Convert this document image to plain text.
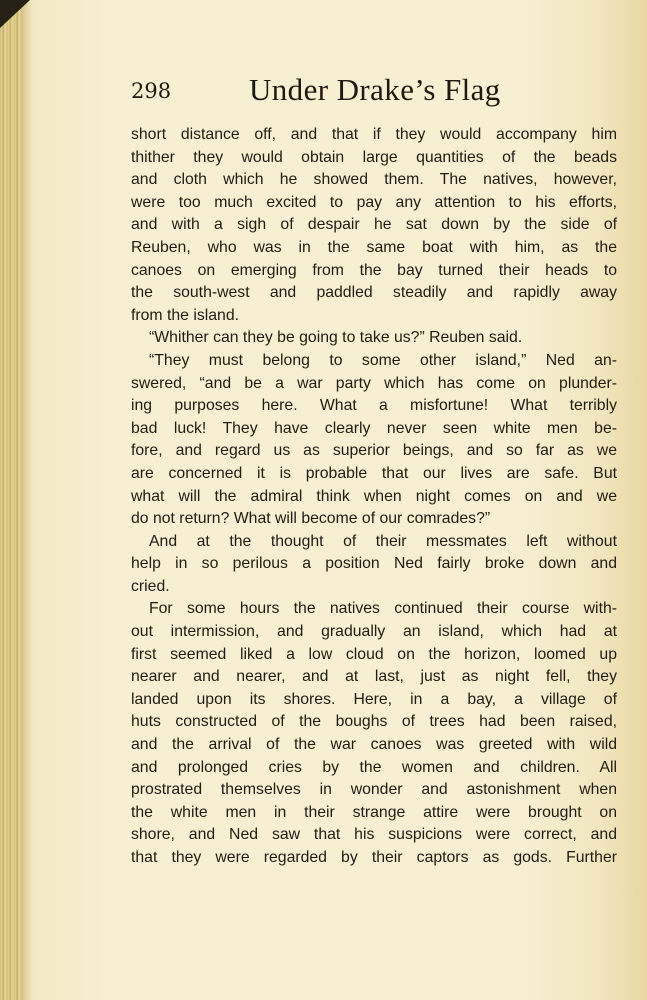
298	Under Drake’s Flag

short distance off, and that if they would accompany him
thither they would obtain large quantities of the beads
and cloth which he showed them. The natives, however,
were too much excited to pay any attention to his efforts,
and with a sigh of despair he sat down by the side of
Reuben, who was in the same boat with him, as the
canoes on emerging from the bay turned their heads to
the south-west and paddled steadily and rapidly away
from the island.

“Whither can they be going to take us?” Reuben said.

“They must belong to some other island,” Ned an-
swered, “and be a war party which has come on plunder-
ing purposes here. What a misfortune! What terribly
bad luck! They have clearly never seen white men be-
fore, and regard us as superior beings, and so far as we
are concerned it is probable that our lives are safe. But
what will the admiral think when night comes on and we
do not return? What will become of our comrades?”

And at the thought of their messmates left without
help in so perilous a position Ned fairly broke down and
cried.

For some hours the natives continued their course with-
out intermission, and gradually an island, which had at
first seemed liked a low cloud on the horizon, loomed up
nearer and nearer, and at last, just as night fell, they
landed upon its shores. Here, in a bay, a village of
huts constructed of the boughs of trees had been raised,
and the arrival of the war canoes was greeted with wild
and prolonged cries by the women and children. All
prostrated themselves in wonder and astonishment when
the white men in their strange attire were brought on
shore, and Ned saw that his suspicions were correct, and
that they were regarded by their captors as gods. Further
